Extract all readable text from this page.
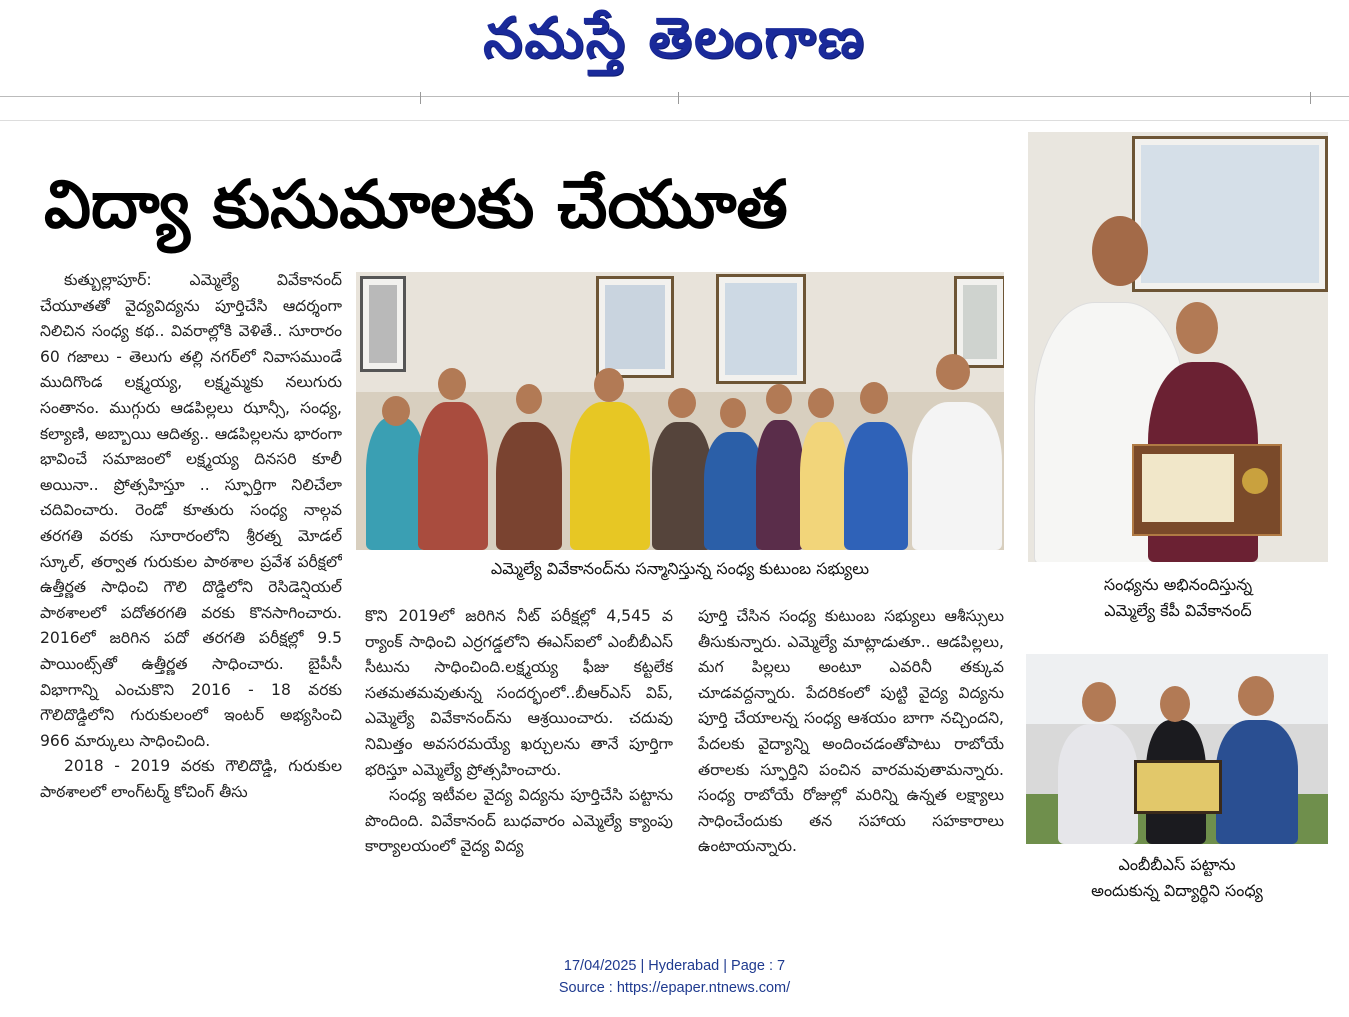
నమస్తే తెలంగాణ
విద్యా కుసుమాలకు చేయూత

కుత్బుల్లాపూర్: ఎమ్మెల్యే వివేకానంద్ చేయూతతో వైద్యవిద్యను పూర్తిచేసి ఆదర్శంగా నిలిచిన సంధ్య కథ.. వివరాల్లోకి వెళితే.. సూరారం 60 గజాలు - తెలుగు తల్లి నగర్‌లో నివాసముండే ముదిగొండ లక్ష్మయ్య, లక్ష్మమ్మకు నలుగురు సంతానం. ముగ్గురు ఆడపిల్లలు ఝాన్సీ, సంధ్య, కల్యాణి, అబ్బాయి ఆదిత్య.. ఆడపిల్లలను భారంగా భావించే సమాజంలో లక్ష్మయ్య దినసరి కూలీ అయినా.. ప్రోత్సహిస్తూ .. స్ఫూర్తిగా నిలిచేలా చదివించారు. రెండో కూతురు సంధ్య నాల్గవ తరగతి వరకు సూరారంలోని శ్రీరత్న మోడల్ స్కూల్, తర్వాత గురుకుల పాఠశాల ప్రవేశ పరీక్షలో ఉత్తీర్ణత సాధించి గౌలి దొడ్డిలోని రెసిడెన్షియల్ పాఠశాలలో పదోతరగతి వరకు కొనసాగించారు. 2016లో జరిగిన పదో తరగతి పరీక్షల్లో 9.5 పాయింట్స్‌తో ఉత్తీర్ణత సాధించారు. బైపీసీ విభాగాన్ని ఎంచుకొని 2016 - 18 వరకు గౌలిదొడ్డిలోని గురుకులంలో ఇంటర్ అభ్యసించి 966 మార్కులు సాధించింది.

2018 - 2019 వరకు గౌలిదొడ్డి, గురుకుల పాఠశాలలో లాంగ్‌టర్మ్ కోచింగ్ తీసు

ఎమ్మెల్యే వివేకానంద్‌ను సన్మానిస్తున్న సంధ్య కుటుంబ సభ్యులు

కొని 2019లో జరిగిన నీట్ పరీక్షల్లో 4,545 వ ర్యాంక్ సాధించి ఎర్రగడ్డలోని ఈఎస్ఐలో ఎంబీబీఎస్ సీటును సాధించింది.లక్ష్మయ్య ఫీజు కట్టలేక సతమతమవుతున్న సందర్భంలో..బీఆర్ఎస్ విప్, ఎమ్మెల్యే వివేకానంద్‌ను ఆశ్రయించారు. చదువు నిమిత్తం అవసరమయ్యే ఖర్చులను తానే పూర్తిగా భరిస్తూ ఎమ్మెల్యే ప్రోత్సహించారు.

సంధ్య ఇటీవల వైద్య విద్యను పూర్తిచేసి పట్టాను పొందింది. వివేకానంద్ బుధవారం ఎమ్మెల్యే క్యాంపు కార్యాలయంలో వైద్య విద్య

పూర్తి చేసిన సంధ్య కుటుంబ సభ్యులు ఆశీస్సులు తీసుకున్నారు. ఎమ్మెల్యే మాట్లాడుతూ.. ఆడపిల్లలు, మగ పిల్లలు అంటూ ఎవరినీ తక్కువ చూడవద్దన్నారు. పేదరికంలో పుట్టి వైద్య విద్యను పూర్తి చేయాలన్న సంధ్య ఆశయం బాగా నచ్చిందని, పేదలకు వైద్యాన్ని అందించడంతోపాటు రాబోయే తరాలకు స్ఫూర్తిని పంచిన వారమవుతామన్నారు. సంధ్య రాబోయే రోజుల్లో మరిన్ని ఉన్నత లక్ష్యాలు సాధించేందుకు తన సహాయ సహకారాలు ఉంటాయన్నారు.

సంధ్యను అభినందిస్తున్న
ఎమ్మెల్యే కేపీ వివేకానంద్
ఎంబీబీఎస్ పట్టాను
అందుకున్న విద్యార్థిని సంధ్య
17/04/2025 | Hyderabad | Page : 7
Source : https://epaper.ntnews.com/
